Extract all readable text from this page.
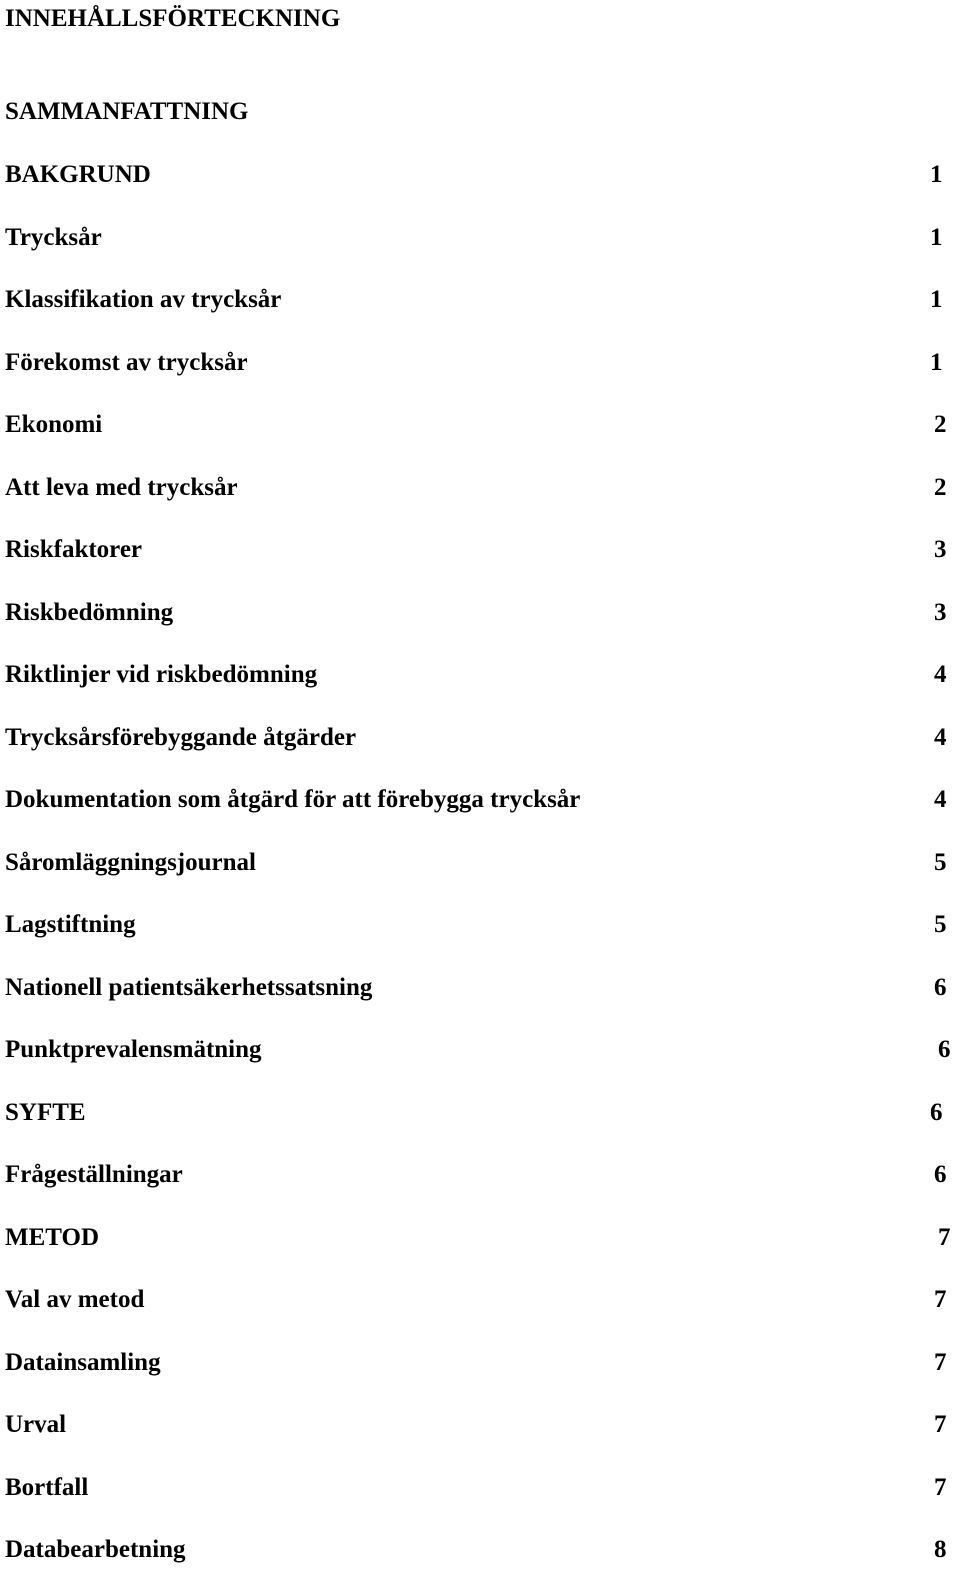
INNEHÅLLSFÖRTECKNING
SAMMANFATTNING
BAKGRUND	1
Trycksår	1
Klassifikation av trycksår	1
Förekomst av trycksår	1
Ekonomi	2
Att leva med trycksår	2
Riskfaktorer	3
Riskbedömning	3
Riktlinjer vid riskbedömning	4
Trycksårsförebyggande åtgärder	4
Dokumentation som åtgärd för att förebygga trycksår	4
Såromläggningsjournal	5
Lagstiftning	5
Nationell patientsäkerhetssatsning	6
Punktprevalensmätning	6
SYFTE	6
Frågeställningar	6
METOD	7
Val av metod	7
Datainsamling	7
Urval	7
Bortfall	7
Databearbetning	8
